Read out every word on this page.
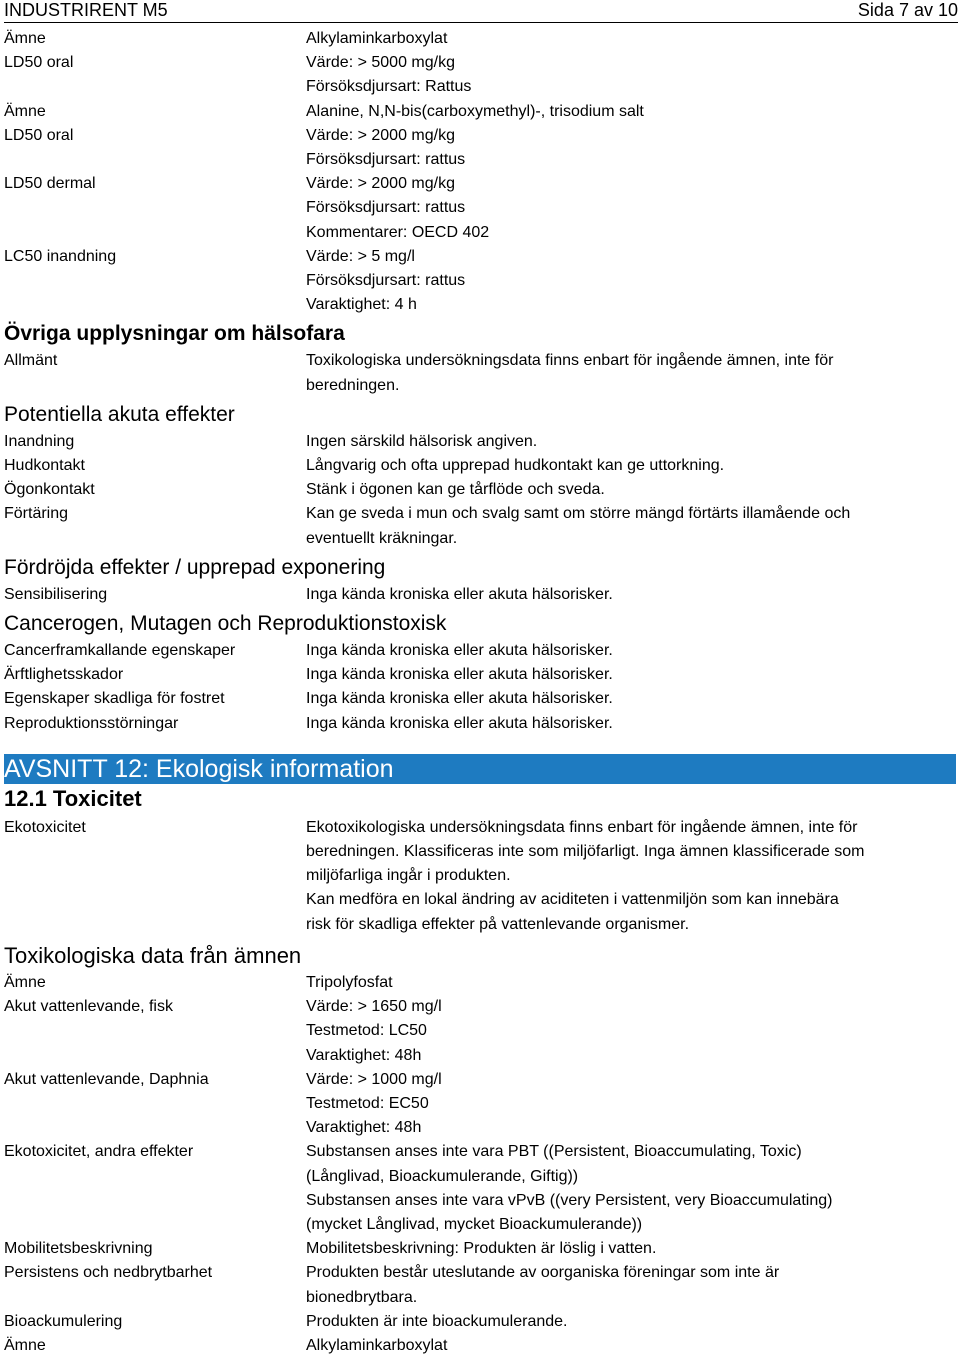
INDUSTRIRENT M5	Sida 7 av 10
Ämne	Alkylaminkarboxylat
LD50 oral	Värde: > 5000 mg/kg
Försöksdjursart: Rattus
Ämne	Alanine, N,N-bis(carboxymethyl)-, trisodium salt
LD50 oral	Värde: > 2000 mg/kg
Försöksdjursart: rattus
LD50 dermal	Värde: > 2000 mg/kg
Försöksdjursart: rattus
Kommentarer: OECD 402
LC50 inandning	Värde: > 5 mg/l
Försöksdjursart: rattus
Varaktighet: 4 h
Övriga upplysningar om hälsofara
Allmänt	Toxikologiska undersökningsdata finns enbart för ingående ämnen, inte för
beredningen.
Potentiella akuta effekter
Inandning	Ingen särskild hälsorisk angiven.
Hudkontakt	Långvarig och ofta upprepad hudkontakt kan ge uttorkning.
Ögonkontakt	Stänk i ögonen kan ge tårflöde och sveda.
Förtäring	Kan ge sveda i mun och svalg samt om större mängd förtärts illamående och
eventuellt kräkningar.
Fördröjda effekter / upprepad exponering
Sensibilisering	Inga kända kroniska eller akuta hälsorisker.
Cancerogen, Mutagen och Reproduktionstoxisk
Cancerframkallande egenskaper	Inga kända kroniska eller akuta hälsorisker.
Ärftlighetsskador	Inga kända kroniska eller akuta hälsorisker.
Egenskaper skadliga för fostret	Inga kända kroniska eller akuta hälsorisker.
Reproduktionsstörningar	Inga kända kroniska eller akuta hälsorisker.
AVSNITT 12: Ekologisk information
12.1 Toxicitet
Ekotoxicitet	Ekotoxikologiska undersökningsdata finns enbart för ingående ämnen, inte för
beredningen. Klassificeras inte som miljöfarligt. Inga ämnen klassificerade som
miljöfarliga ingår i produkten.
Kan medföra en lokal ändring av aciditeten i vattenmiljön som kan innebära
risk för skadliga effekter på vattenlevande organismer.
Toxikologiska data från ämnen
Ämne	Tripolyfosfat
Akut vattenlevande, fisk	Värde: > 1650 mg/l
Testmetod: LC50
Varaktighet: 48h
Akut vattenlevande, Daphnia	Värde: > 1000 mg/l
Testmetod: EC50
Varaktighet: 48h
Ekotoxicitet, andra effekter	Substansen anses inte vara PBT ((Persistent, Bioaccumulating, Toxic)
(Långlivad, Bioackumulerande, Giftig))
Substansen anses inte vara vPvB ((very Persistent, very Bioaccumulating)
(mycket Långlivad, mycket Bioackumulerande))
Mobilitetsbeskrivning	Mobilitetsbeskrivning: Produkten är löslig i vatten.
Persistens och nedbrytbarhet	Produkten består uteslutande av oorganiska föreningar som inte är
bionedbrytbara.
Bioackumulering	Produkten är inte bioackumulerande.
Ämne	Alkylaminkarboxylat
